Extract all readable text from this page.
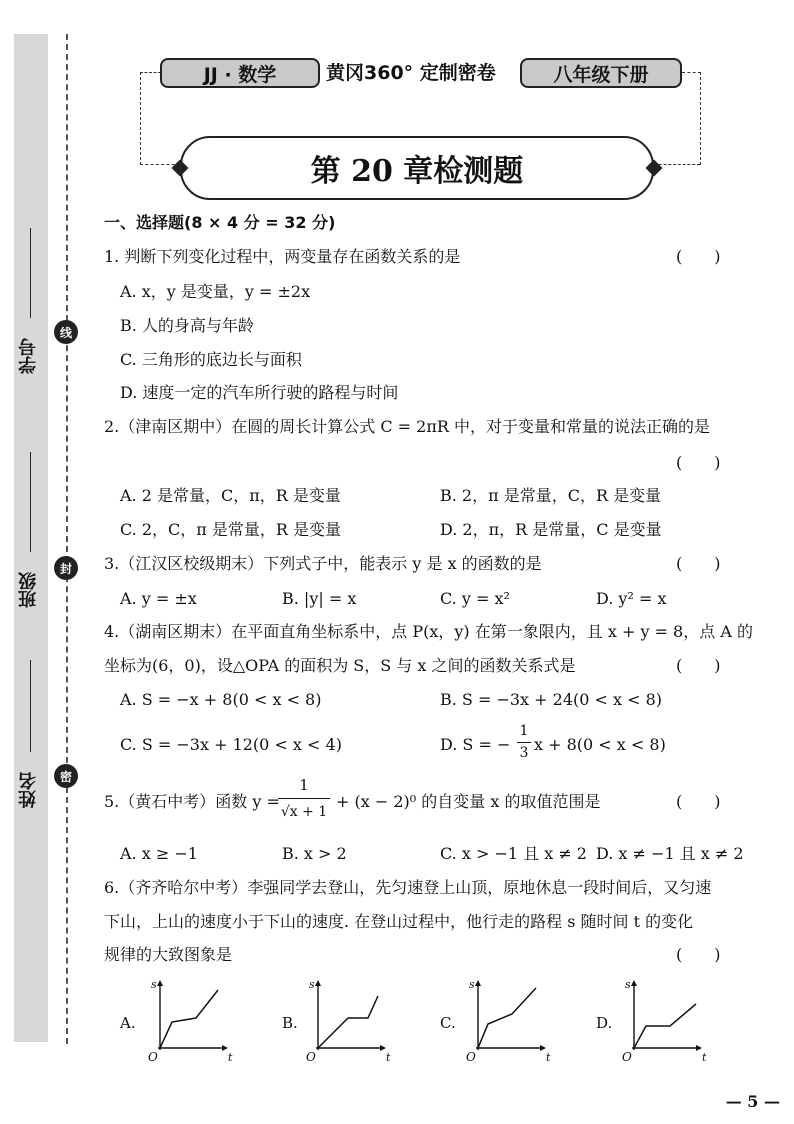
学号
班级
姓名
线
封
密
JJ · 数学	黄冈360° 定制密卷	八年级下册
第 20 章检测题
一、选择题(8 × 4 分 = 32 分)
1. 判断下列变化过程中，两变量存在函数关系的是	(　　)
A. x，y 是变量，y = ±2x
B. 人的身高与年龄
C. 三角形的底边长与面积
D. 速度一定的汽车所行驶的路程与时间
2.（津南区期中）在圆的周长计算公式 C = 2πR 中，对于变量和常量的说法正确的是
(　　)
A. 2 是常量，C，π，R 是变量	B. 2，π 是常量，C，R 是变量
C. 2，C，π 是常量，R 是变量	D. 2，π，R 是常量，C 是变量
3.（江汉区校级期末）下列式子中，能表示 y 是 x 的函数的是	(　　)
A. y = ±x	B. |y| = x	C. y = x²	D. y² = x
4.（湖南区期末）在平面直角坐标系中，点 P(x，y) 在第一象限内，且 x + y = 8，点 A 的
坐标为(6，0)，设△OPA 的面积为 S，S 与 x 之间的函数关系式是	(　　)
A. S = −x + 8(0 < x < 8)	B. S = −3x + 24(0 < x < 8)
C. S = −3x + 12(0 < x < 4)	D. S = −
1
3 x + 8(0 < x < 8)
5.（黄石中考）函数 y =
1
√x + 1
+ (x − 2)⁰ 的自变量 x 的取值范围是	(　　)
A. x ≥ −1	B. x > 2	C. x > −1 且 x ≠ 2 D. x ≠ −1 且 x ≠ 2
6.（齐齐哈尔中考）李强同学去登山，先匀速登上山顶，原地休息一段时间后，又匀速
下山，上山的速度小于下山的速度. 在登山过程中，他行走的路程 s 随时间 t 的变化
规律的大致图象是	(　　)
A.	B.	C.	D.
s
t
O
s
t
O
s
t
O
s
t
O
— 5 —
